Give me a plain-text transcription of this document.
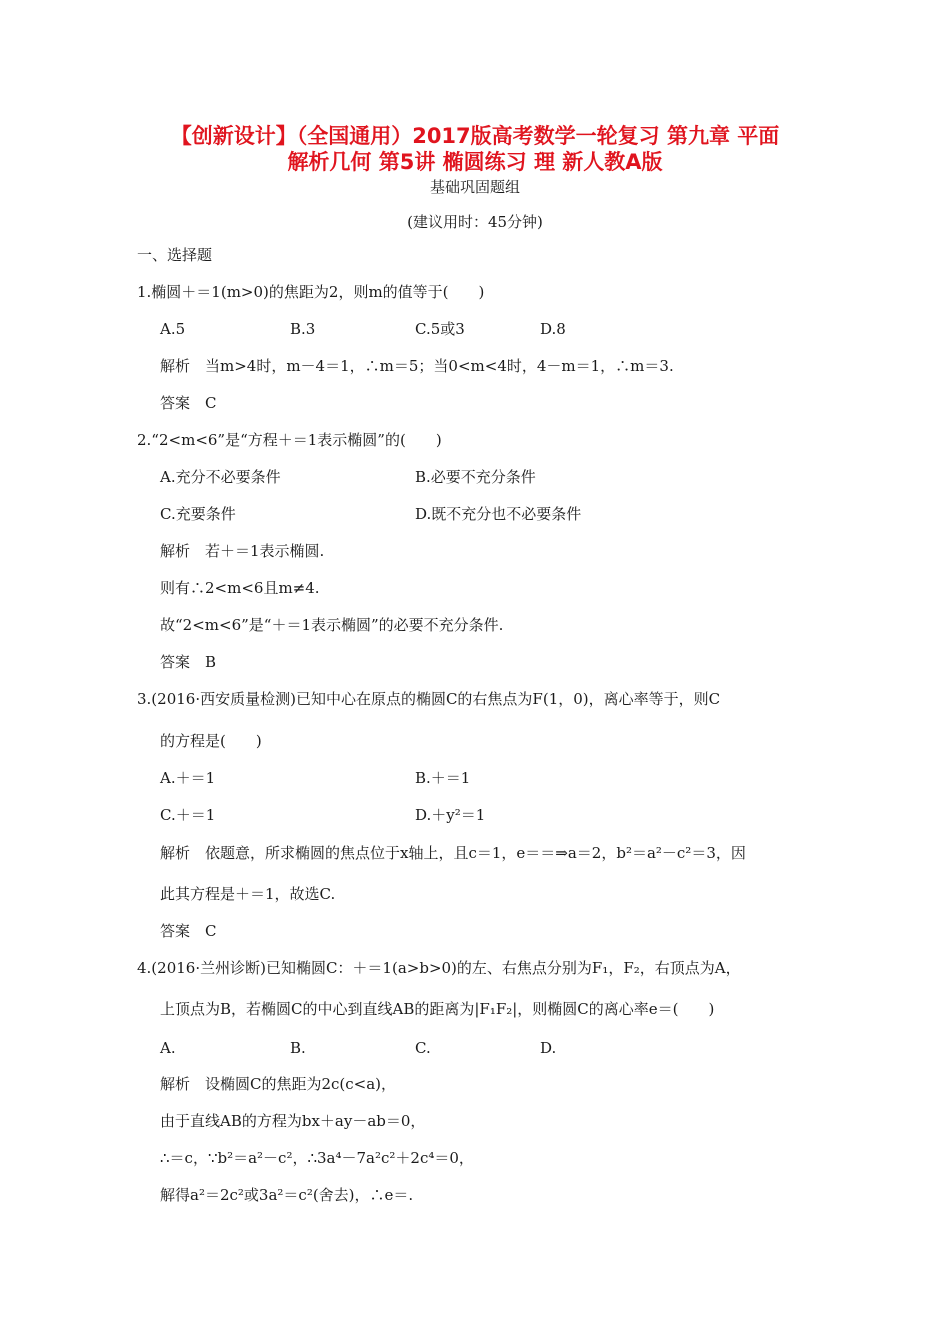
【创新设计】（全国通用）2017版高考数学一轮复习 第九章 平面
解析几何 第5讲 椭圆练习 理 新人教A版
基础巩固题组
(建议用时：45分钟)
一、选择题
1.椭圆＋＝1(m>0)的焦距为2，则m的值等于(　　)
A.5	B.3	C.5或3	D.8
解析　当m>4时，m－4＝1，∴m＝5；当0<m<4时，4－m＝1，∴m＝3.
答案　C
2.“2<m<6”是“方程＋＝1表示椭圆”的(　　)
A.充分不必要条件	B.必要不充分条件
C.充要条件	D.既不充分也不必要条件
解析　若＋＝1表示椭圆.
则有∴2<m<6且m≠4.
故“2<m<6”是“＋＝1表示椭圆”的必要不充分条件.
答案　B
3.(2016·西安质量检测)已知中心在原点的椭圆C的右焦点为F(1，0)，离心率等于，则C
的方程是(　　)
A.＋＝1	B.＋＝1
C.＋＝1	D.＋y²＝1
解析　依题意，所求椭圆的焦点位于x轴上，且c＝1，e＝＝⇒a＝2，b²＝a²－c²＝3，因
此其方程是＋＝1，故选C.
答案　C
4.(2016·兰州诊断)已知椭圆C：＋＝1(a>b>0)的左、右焦点分别为F₁，F₂，右顶点为A，
上顶点为B，若椭圆C的中心到直线AB的距离为|F₁F₂|，则椭圆C的离心率e＝(　　)
A.	B.	C.	D.
解析　设椭圆C的焦距为2c(c<a)，
由于直线AB的方程为bx＋ay－ab＝0，
∴＝c，∵b²＝a²－c²，∴3a⁴－7a²c²＋2c⁴＝0，
解得a²＝2c²或3a²＝c²(舍去)，∴e＝.
